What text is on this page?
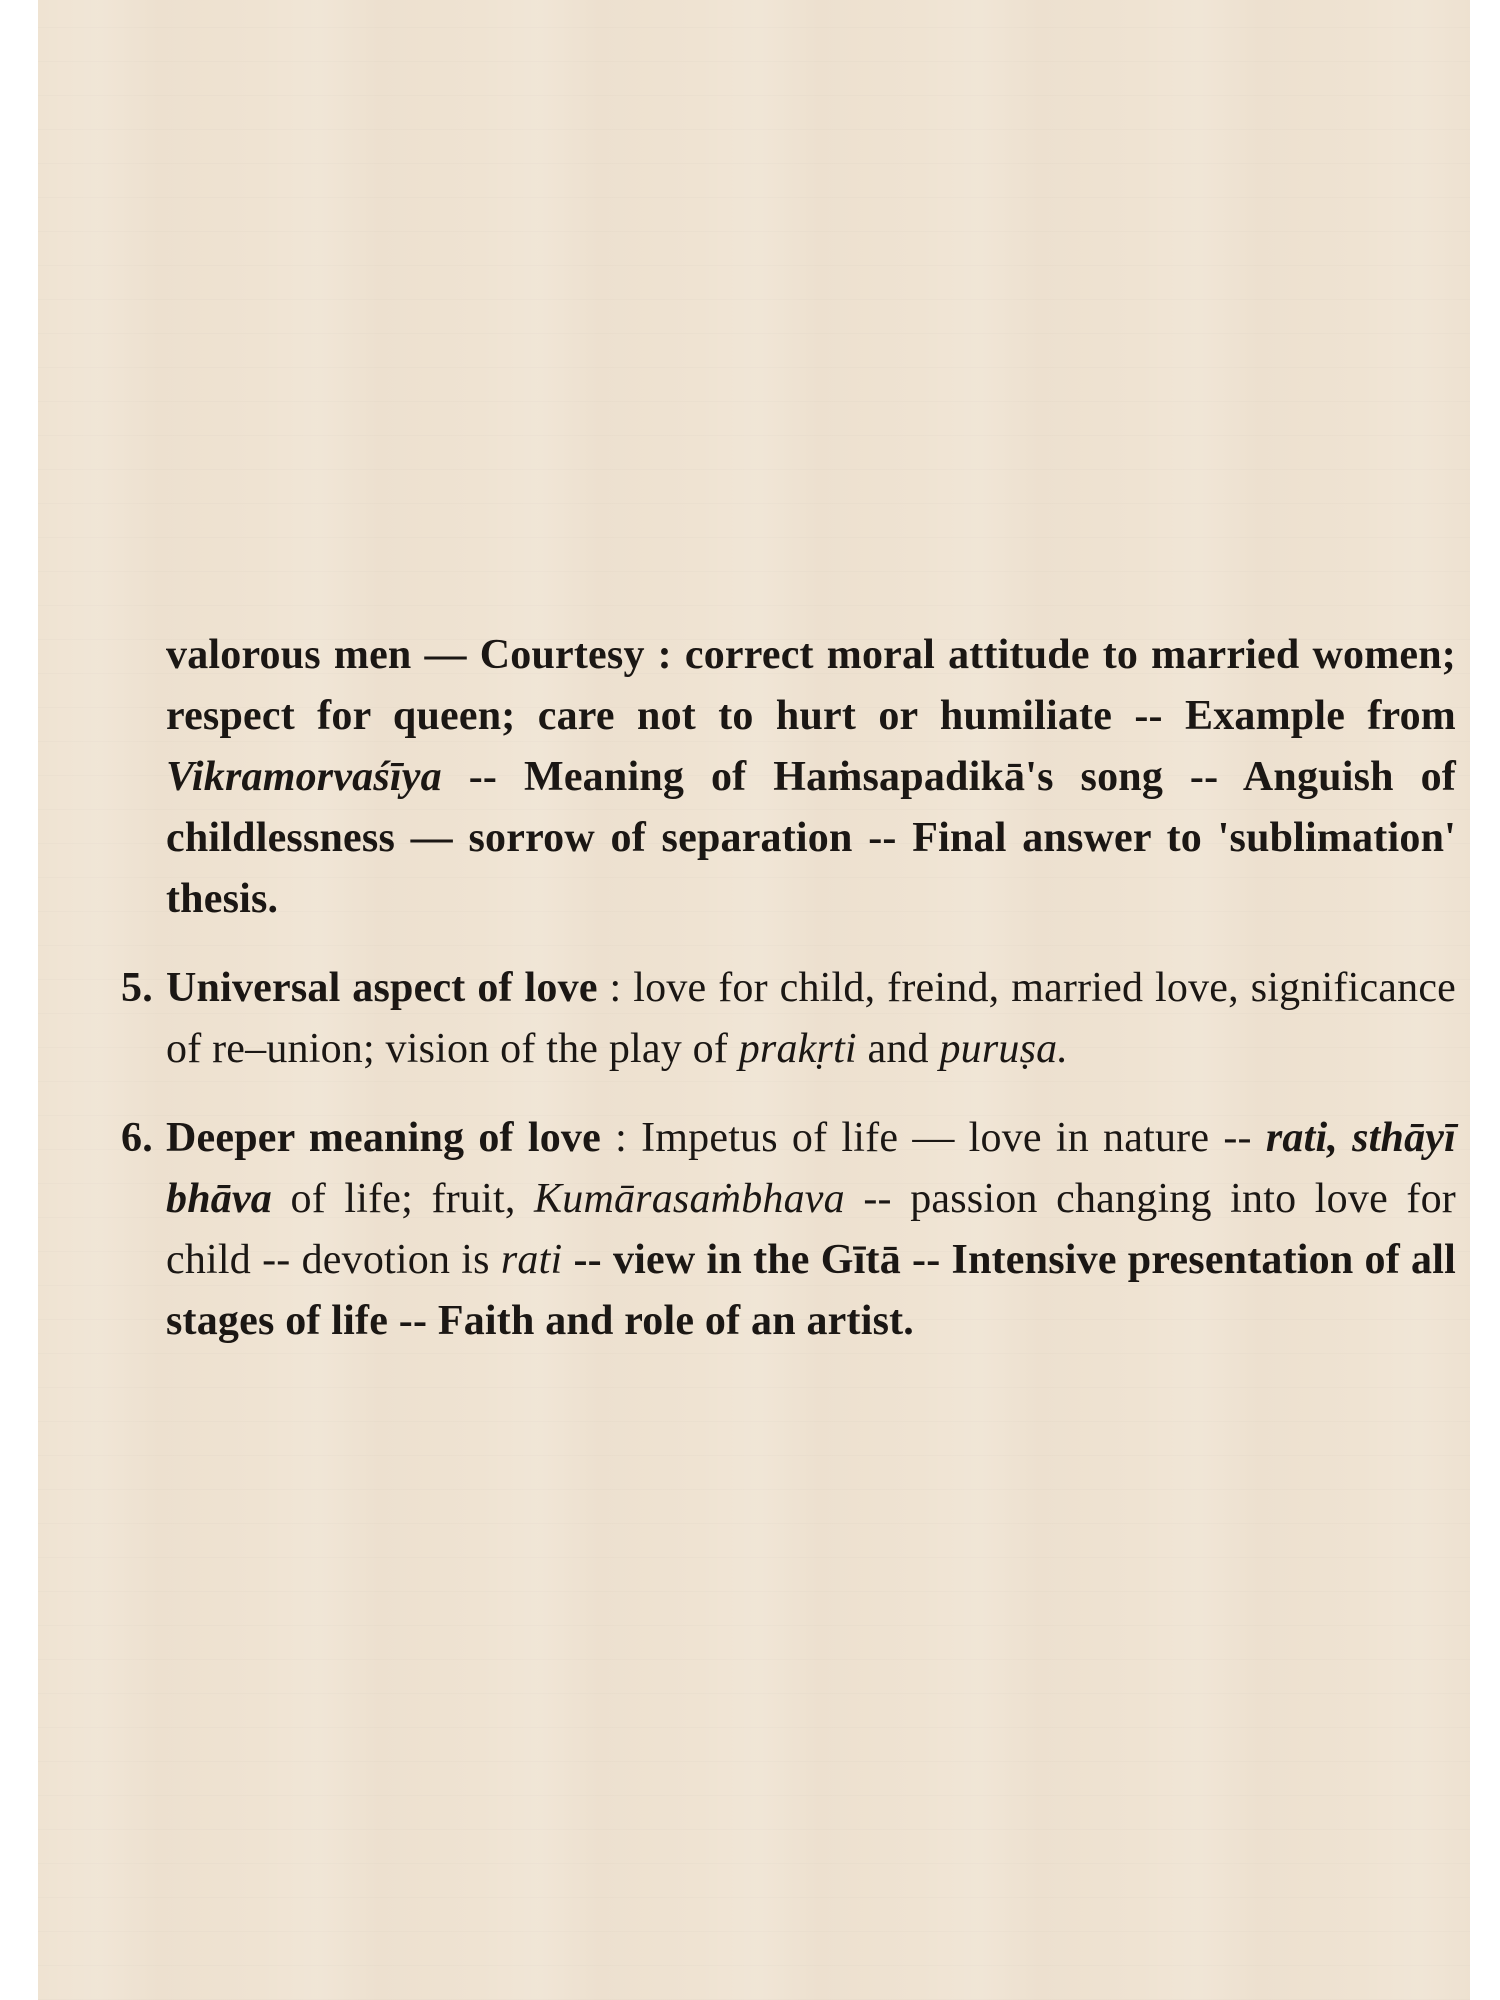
valorous men — Courtesy : correct moral attitude to married women; respect for queen; care not to hurt or humiliate -- Example from Vikramorvaśīya -- Meaning of Haṁsapadikā's song -- Anguish of childlessness — sorrow of separation -- Final answer to 'sublimation' thesis.

5. Universal aspect of love : love for child, freind, married love, significance of re–union; vision of the play of prakṛti and puruṣa.
6. Deeper meaning of love : Impetus of life — love in nature -- rati, sthāyī bhāva of life; fruit, Kumārasaṁbhava -- passion changing into love for child -- devotion is rati -- view in the Gītā -- Intensive presentation of all stages of life -- Faith and role of an artist.
